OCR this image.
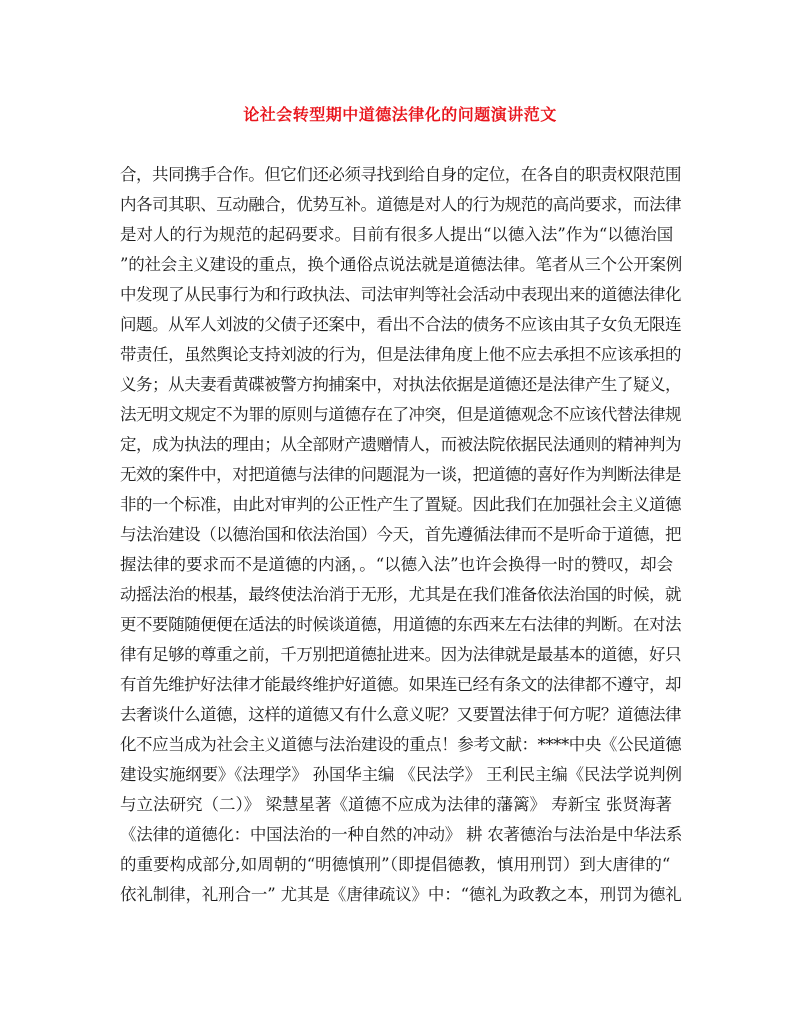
论社会转型期中道德法律化的问题演讲范文
合，共同携手合作。但它们还必须寻找到给自身的定位，在各自的职责权限范围
内各司其职、互动融合，优势互补。道德是对人的行为规范的高尚要求，而法律
是对人的行为规范的起码要求。目前有很多人提出“以德入法”作为“以德治国
”的社会主义建设的重点，换个通俗点说法就是道德法律。笔者从三个公开案例
中发现了从民事行为和行政执法、司法审判等社会活动中表现出来的道德法律化
问题。从军人刘波的父债子还案中，看出不合法的债务不应该由其子女负无限连
带责任，虽然舆论支持刘波的行为，但是法律角度上他不应去承担不应该承担的
义务；从夫妻看黄碟被警方拘捕案中，对执法依据是道德还是法律产生了疑义，
法无明文规定不为罪的原则与道德存在了冲突，但是道德观念不应该代替法律规
定，成为执法的理由；从全部财产遗赠情人，而被法院依据民法通则的精神判为
无效的案件中，对把道德与法律的问题混为一谈，把道德的喜好作为判断法律是
非的一个标准，由此对审判的公正性产生了置疑。因此我们在加强社会主义道德
与法治建设（以德治国和依法治国）今天，首先遵循法律而不是听命于道德，把
握法律的要求而不是道德的内涵，。“以德入法”也许会换得一时的赞叹，却会
动摇法治的根基，最终使法治消于无形，尤其是在我们准备依法治国的时候，就
更不要随随便便在适法的时候谈道德，用道德的东西来左右法律的判断。在对法
律有足够的尊重之前，千万别把道德扯进来。因为法律就是最基本的道德，好只
有首先维护好法律才能最终维护好道德。如果连已经有条文的法律都不遵守，却
去奢谈什么道德，这样的道德又有什么意义呢？又要置法律于何方呢？道德法律
化不应当成为社会主义道德与法治建设的重点！参考文献：****中央《公民道德
建设实施纲要》《法理学》 孙国华主编 《民法学》 王利民主编《民法学说判例
与立法研究（二）》 梁慧星著《道德不应成为法律的藩篱》 寿新宝 张贤海著
《法律的道德化：中国法治的一种自然的冲动》 耕 农著德治与法治是中华法系
的重要构成部分,如周朝的“明德慎刑”（即提倡德教，慎用刑罚）到大唐律的“
依礼制律，礼刑合一” 尤其是《唐律疏议》中：“德礼为政教之本，刑罚为德礼
